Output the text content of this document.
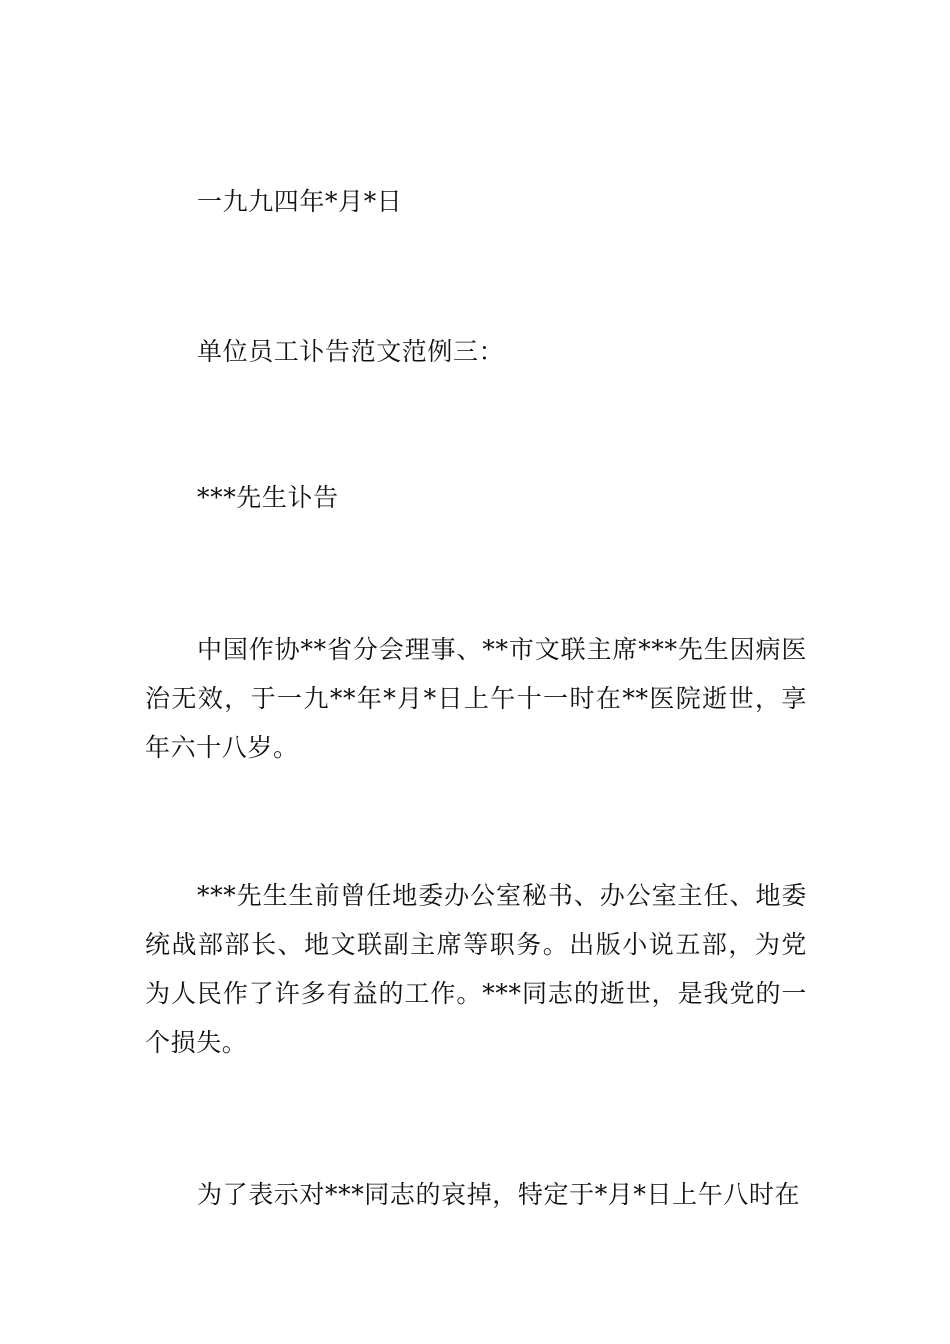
一九九四年*月*日

单位员工讣告范文范例三：

***先生讣告

中国作协**省分会理事、**市文联主席***先生因病医治无效，于一九**年*月*日上午十一时在**医院逝世，享年六十八岁。

***先生生前曾任地委办公室秘书、办公室主任、地委统战部部长、地文联副主席等职务。出版小说五部，为党为人民作了许多有益的工作。***同志的逝世，是我党的一个损失。

为了表示对***同志的哀掉，特定于*月*日上午八时在
